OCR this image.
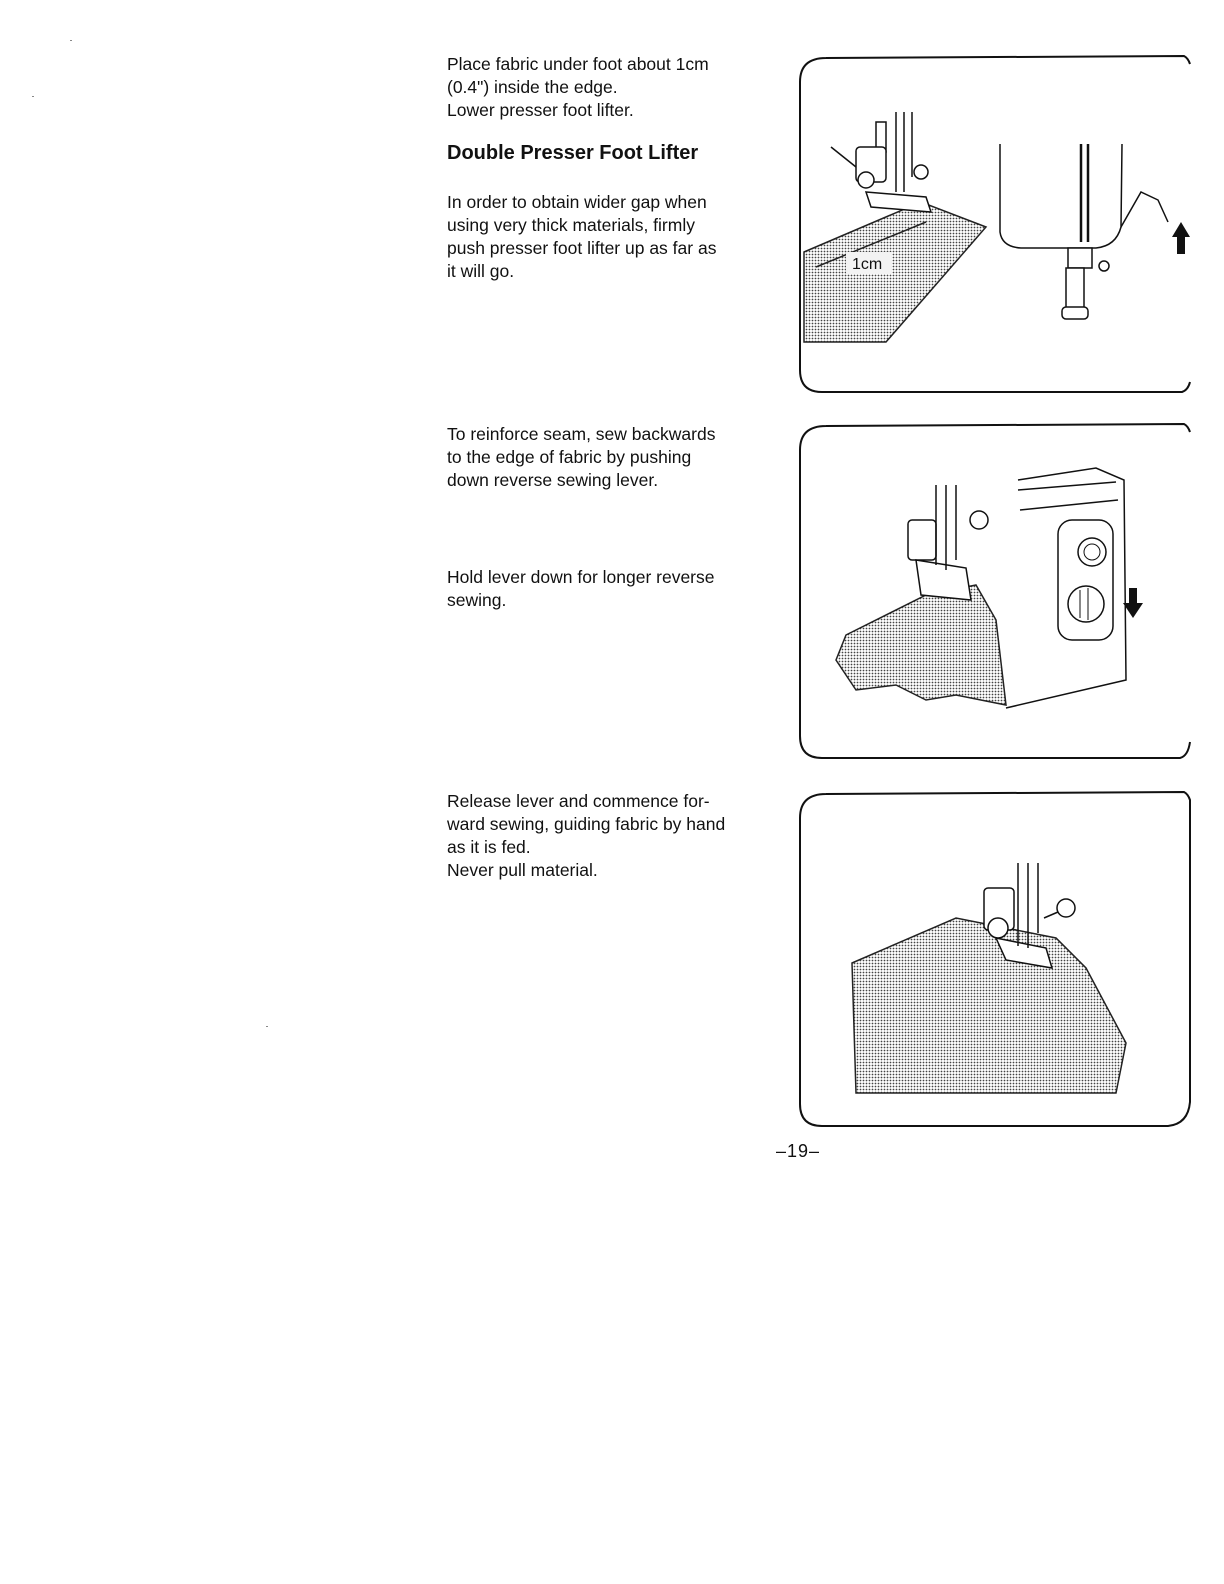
Place fabric under foot about 1cm

(0.4") inside the edge.

Lower presser foot lifter.

Double Presser Foot Lifter

In order to obtain wider gap when

using very thick materials, firmly

push presser foot lifter up as far as

it will go.

To reinforce seam, sew backwards

to the edge of fabric by pushing

down reverse sewing lever.

Hold lever down for longer reverse

sewing.

Release lever and commence for-

ward sewing, guiding fabric by hand

as it is fed.

Never pull material.

1cm
–19–
